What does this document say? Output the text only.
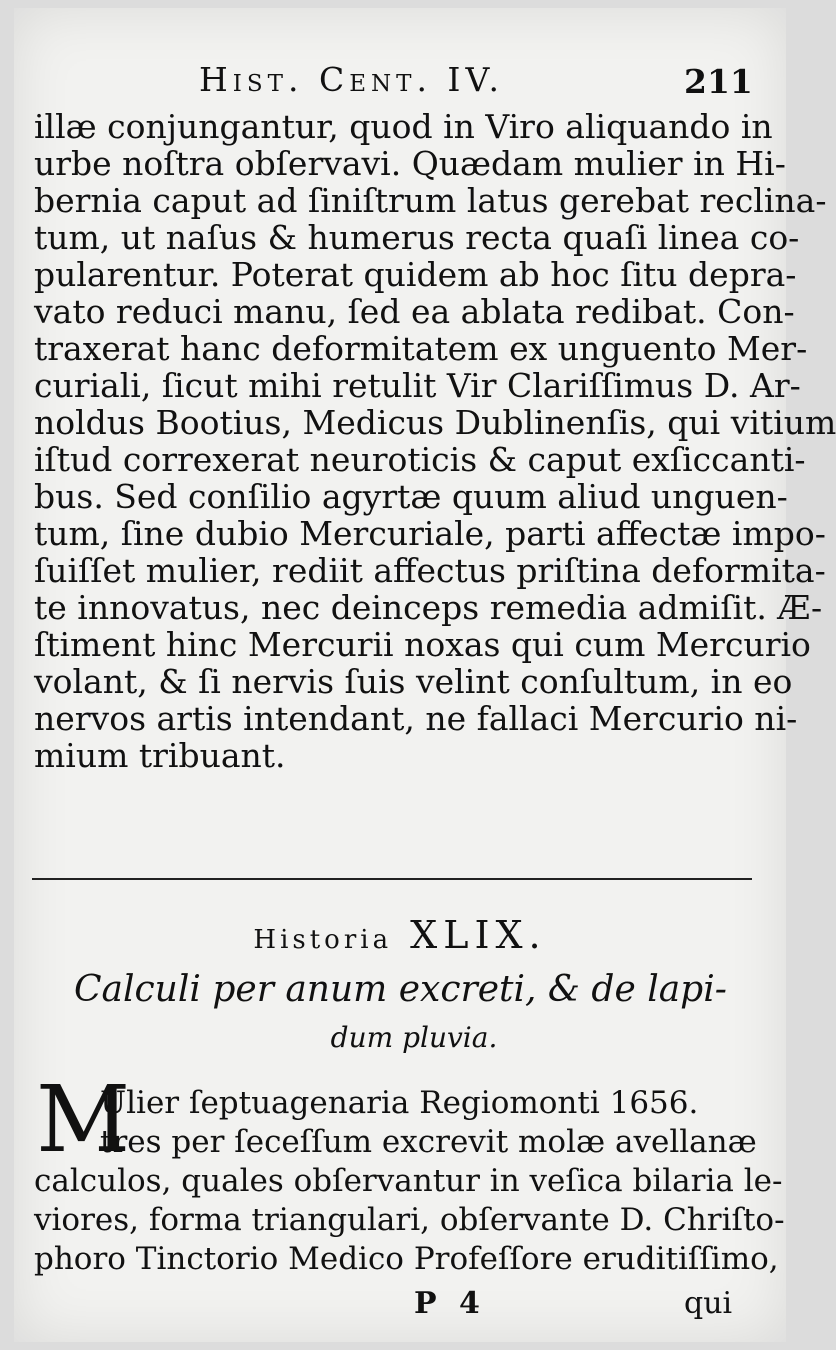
Hist. Cent. IV.	211
illæ conjungantur, quod in Viro aliquando in
urbe noſtra obſervavi. Quædam mulier in Hi-
bernia caput ad ſiniſtrum latus gerebat reclina-
tum, ut naſus & humerus recta quaſi linea co-
pularentur. Poterat quidem ab hoc ſitu depra-
vato reduci manu, ſed ea ablata redibat. Con-
traxerat hanc deformitatem ex unguento Mer-
curiali, ſicut mihi retulit Vir Clariſſimus D. Ar-
noldus Bootius, Medicus Dublinenſis, qui vitium
iſtud correxerat neuroticis & caput exſiccanti-
bus. Sed conſilio agyrtæ quum aliud unguen-
tum, ſine dubio Mercuriale, parti affectæ impo-
ſuiſſet mulier, rediit affectus priſtina deformita-
te innovatus, nec deinceps remedia admiſit. Æ-
ſtiment hinc Mercurii noxas qui cum Mercurio
volant, & ſi nervis ſuis velint conſultum, in eo
nervos artis intendant, ne fallaci Mercurio ni-
mium tribuant.
Historia XLIX.
Calculi per anum excreti, & de lapi-
dum pluvia.
M
Ulier ſeptuagenaria Regiomonti 1656.
tres per ſeceſſum excrevit molæ avellanæ
calculos, quales obſervantur in veſica bilaria le-
viores, forma triangulari, obſervante D. Chriſto-
phoro Tinctorio Medico Profeſſore eruditiſſimo,
P 4	qui
